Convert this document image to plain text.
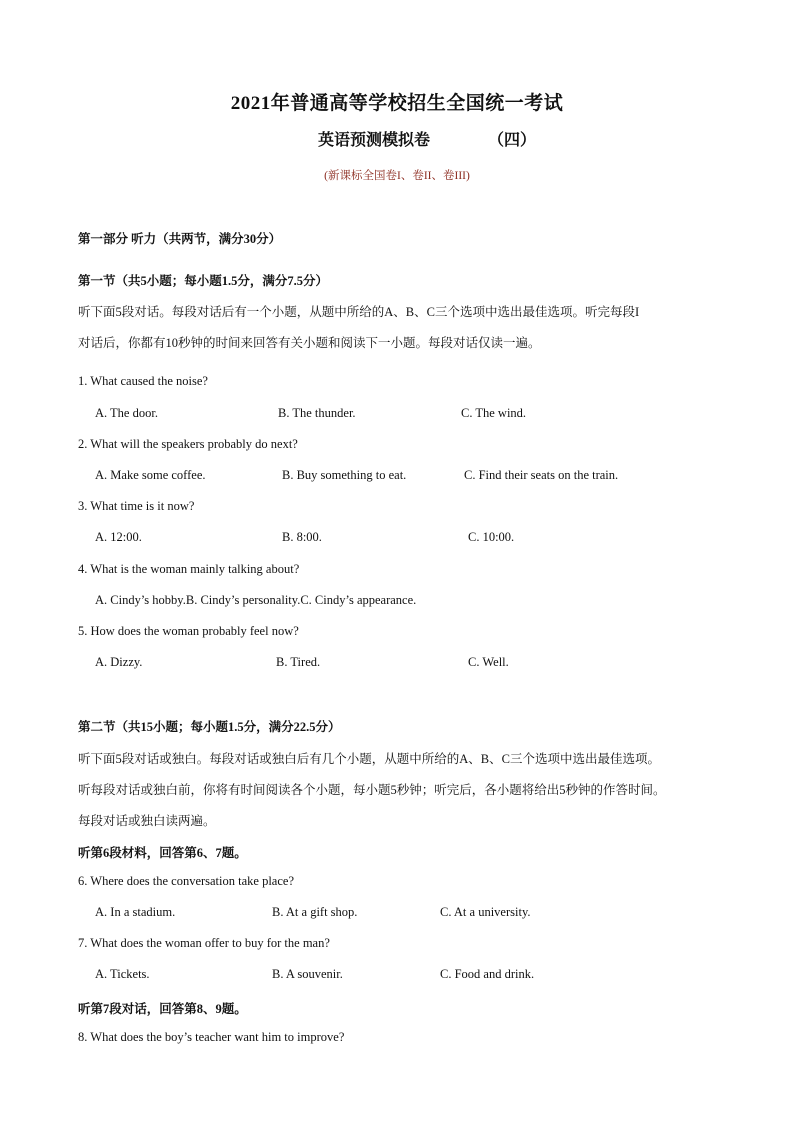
2021年普通高等学校招生全国统一考试
英语预测模拟卷	（四）
(新课标全国卷I、卷II、卷III)
第一部分 听力（共两节，满分30分）
第一节（共5小题；每小题1.5分，满分7.5分）
听下面5段对话。每段对话后有一个小题，从题中所给的A、B、C三个选项中选出最佳选项。听完每段I
对话后，你都有10秒钟的时间来回答有关小题和阅读下一小题。每段对话仅读一遍。
1. What caused the noise?
A. The door.	B. The thunder.	C. The wind.
2. What will the speakers probably do next?
A. Make some coffee.	B. Buy something to eat.	C. Find their seats on the train.
3. What time is it now?
A. 12:00.	B. 8:00.	C. 10:00.
4. What is the woman mainly talking about?
A. Cindy’s hobby.B. Cindy’s personality.C. Cindy’s appearance.
5. How does the woman probably feel now?
A. Dizzy.	B. Tired.	C. Well.
第二节（共15小题；每小题1.5分，满分22.5分）
听下面5段对话或独白。每段对话或独白后有几个小题，从题中所给的A、B、C三个选项中选出最佳选项。
听每段对话或独白前，你将有时间阅读各个小题，每小题5秒钟；听完后，各小题将给出5秒钟的作答时间。
每段对话或独白读两遍。
听第6段材料，回答第6、7题。
6. Where does the conversation take place?
A. In a stadium.	B. At a gift shop.	C. At a university.
7. What does the woman offer to buy for the man?
A. Tickets.	B. A souvenir.	C. Food and drink.
听第7段对话，回答第8、9题。
8. What does the boy’s teacher want him to improve?
